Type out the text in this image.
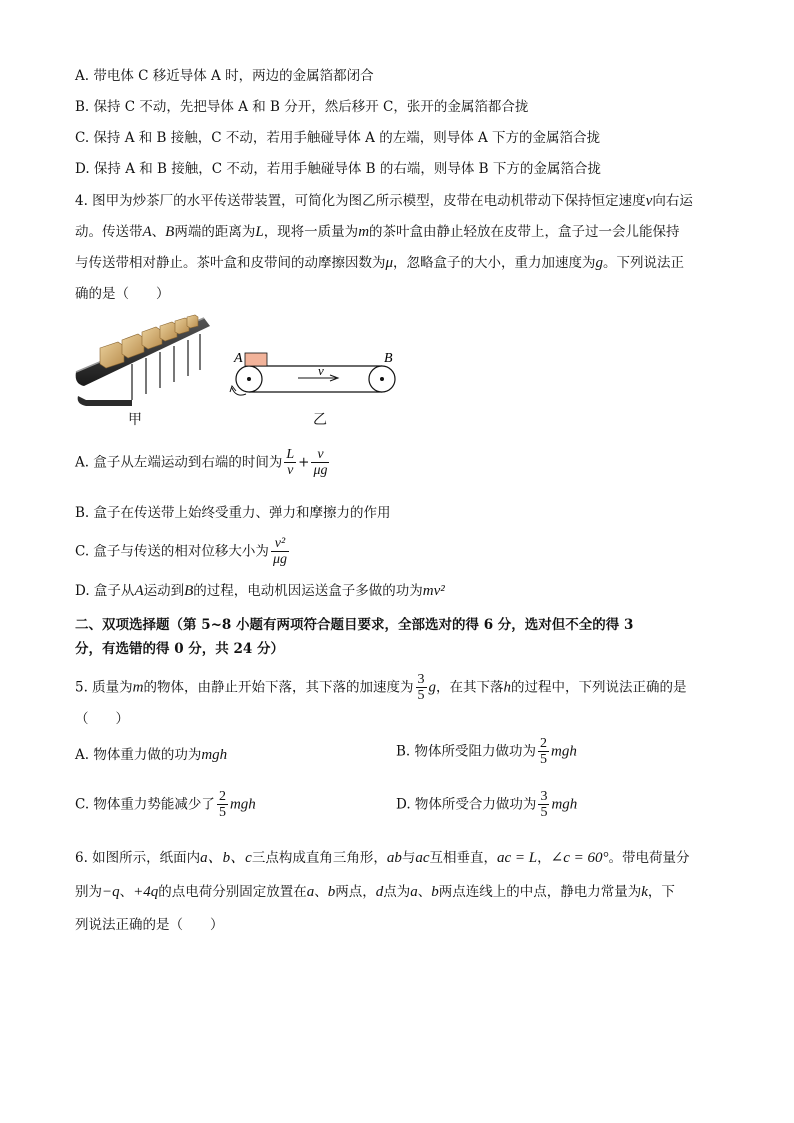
A. 带电体 C 移近导体 A 时，两边的金属箔都闭合
B. 保持 C 不动，先把导体 A 和 B 分开，然后移开 C，张开的金属箔都合拢
C. 保持 A 和 B 接触，C 不动，若用手触碰导体 A 的左端，则导体 A 下方的金属箔合拢
D. 保持 A 和 B 接触，C 不动，若用手触碰导体 B 的右端，则导体 B 下方的金属箔合拢
4. 图甲为炒茶厂的水平传送带装置，可简化为图乙所示模型，皮带在电动机带动下保持恒定速度v向右运
动。传送带A、B两端的距离为L，现将一质量为m的茶叶盒由静止轻放在皮带上，盒子过一会儿能保持
与传送带相对静止。茶叶盒和皮带间的动摩擦因数为μ，忽略盒子的大小，重力加速度为g。下列说法正
确的是（　　）
甲
A	B
v
乙
A. 盒子从左端运动到右端的时间为 $\frac{L}{v} + \frac{v}{\mu g}$
B. 盒子在传送带上始终受重力、弹力和摩擦力的作用
C. 盒子与传送的相对位移大小为 $\frac{\text{v²}}{\mu g}$
D. 盒子从A运动到B的过程，电动机因运送盒子多做的功为mv²
二、双项选择题（第 5~8 小题有两项符合题目要求，全部选对的得 6 分，选对但不全的得 3
分，有选错的得 0 分，共 24 分）
5. 质量为m的物体，由静止开始下落，其下落的加速度为 $\frac{3}{5}$ g，在其下落h的过程中，下列说法正确的是
（　　）
A. 物体重力做的功为mgh	B. 物体所受阻力做功为 $\frac{2}{5}$ mgh
C. 物体重力势能减少了 $\frac{2}{5}$ mgh	D. 物体所受合力做功为 $\frac{3}{5}$ mgh
6. 如图所示，纸面内a、b、c三点构成直角三角形，ab与ac互相垂直，ac = L，∠c = 60°。带电荷量分
别为−q、+4q的点电荷分别固定放置在a、b两点，d点为a、b两点连线上的中点，静电力常量为k，下
列说法正确的是（　　）
